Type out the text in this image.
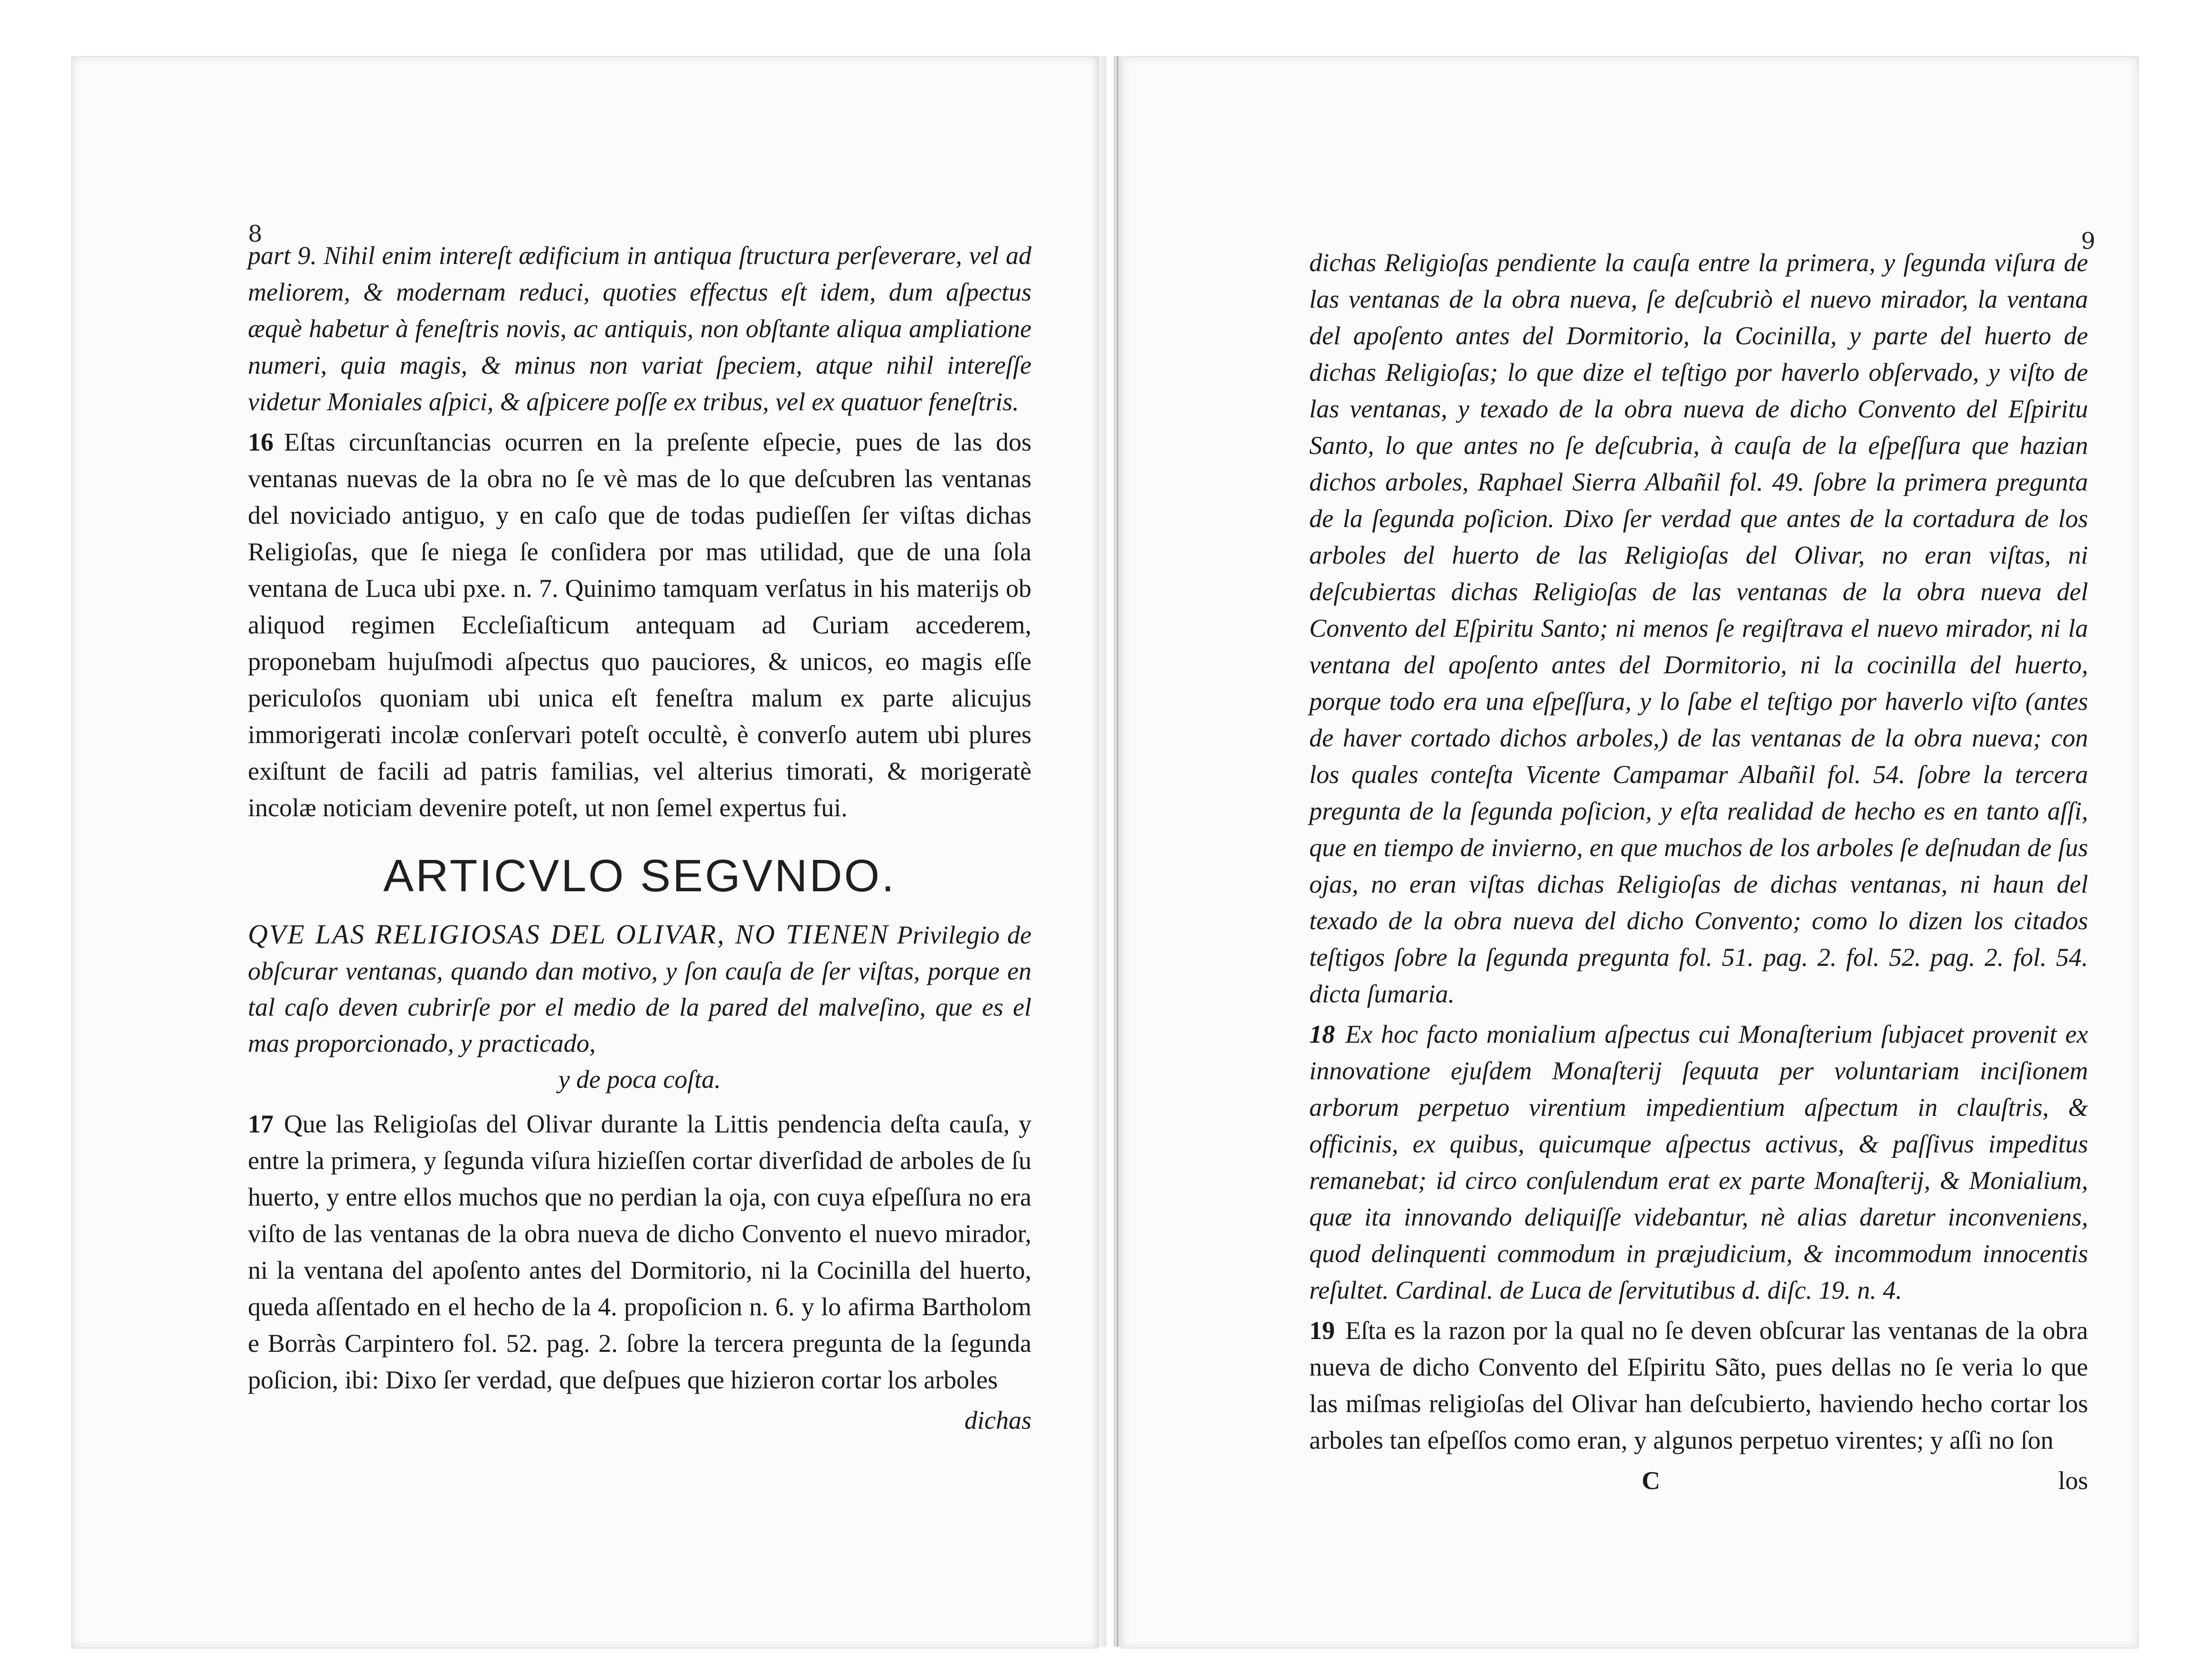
8

part 9. Nihil enim intereſt ædificium in antiqua ſtructura perſeverare, vel ad meliorem, & modernam reduci, quoties effectus eſt idem, dum aſpectus æquè habetur à feneſtris novis, ac antiquis, non obſtante aliqua ampliatione numeri, quia magis, & minus non variat ſpeciem, atque nihil intereſſe videtur Moniales aſpici, & aſpicere poſſe ex tribus, vel ex quatuor feneſtris.

16 Eſtas circunſtancias ocurren en la preſente eſpecie, pues de las dos ventanas nuevas de la obra no ſe vè mas de lo que deſcubren las ventanas del noviciado antiguo, y en caſo que de todas pudieſſen ſer viſtas dichas Religioſas, que ſe niega ſe conſidera por mas utilidad, que de una ſola ventana de Luca ubi pxe. n. 7. Quinimo tamquam verſatus in his materijs ob aliquod regimen Eccleſiaſticum antequam ad Curiam accederem, proponebam hujuſmodi aſpectus quo pauciores, & unicos, eo magis eſſe periculoſos quoniam ubi unica eſt feneſtra malum ex parte alicujus immorigerati incolæ conſervari poteſt occultè, è converſo autem ubi plures exiſtunt de facili ad patris familias, vel alterius timorati, & morigeratè incolæ noticiam devenire poteſt, ut non ſemel expertus fui.

ARTICVLO SEGVNDO.

QVE LAS RELIGIOSAS DEL OLIVAR, NO TIENEN Privilegio de obſcurar ventanas, quando dan motivo, y ſon cauſa de ſer viſtas, porque en tal caſo deven cubrirſe por el medio de la pared del malveſino, que es el mas proporcionado, y practicado,

y de poca coſta.

17 Que las Religioſas del Olivar durante la Littis pendencia deſta cauſa, y entre la primera, y ſegunda viſura hizieſſen cortar diverſidad de arboles de ſu huerto, y entre ellos muchos que no perdian la oja, con cuya eſpeſſura no era viſto de las ventanas de la obra nueva de dicho Convento el nuevo mirador, ni la ventana del apoſento antes del Dormitorio, ni la Cocinilla del huerto, queda aſſentado en el hecho de la 4. propoſicion n. 6. y lo afirma Bartholom e Borràs Carpintero fol. 52. pag. 2. ſobre la tercera pregunta de la ſegunda poſicion, ibi: Dixo ſer verdad, que deſpues que hizieron cortar los arboles

dichas

9

dichas Religioſas pendiente la cauſa entre la primera, y ſegunda viſura de las ventanas de la obra nueva, ſe deſcubriò el nuevo mirador, la ventana del apoſento antes del Dormitorio, la Cocinilla, y parte del huerto de dichas Religioſas; lo que dize el teſtigo por haverlo obſervado, y viſto de las ventanas, y texado de la obra nueva de dicho Convento del Eſpiritu Santo, lo que antes no ſe deſcubria, à cauſa de la eſpeſſura que hazian dichos arboles, Raphael Sierra Albañil fol. 49. ſobre la primera pregunta de la ſegunda poſicion. Dixo ſer verdad que antes de la cortadura de los arboles del huerto de las Religioſas del Olivar, no eran viſtas, ni deſcubiertas dichas Religioſas de las ventanas de la obra nueva del Convento del Eſpiritu Santo; ni menos ſe regiſtrava el nuevo mirador, ni la ventana del apoſento antes del Dormitorio, ni la cocinilla del huerto, porque todo era una eſpeſſura, y lo ſabe el teſtigo por haverlo viſto (antes de haver cortado dichos arboles,) de las ventanas de la obra nueva; con los quales conteſta Vicente Campamar Albañil fol. 54. ſobre la tercera pregunta de la ſegunda poſicion, y eſta realidad de hecho es en tanto aſſi, que en tiempo de invierno, en que muchos de los arboles ſe deſnudan de ſus ojas, no eran viſtas dichas Religioſas de dichas ventanas, ni haun del texado de la obra nueva del dicho Convento; como lo dizen los citados teſtigos ſobre la ſegunda pregunta fol. 51. pag. 2. fol. 52. pag. 2. fol. 54. dicta ſumaria.

18 Ex hoc facto monialium aſpectus cui Monaſterium ſubjacet provenit ex innovatione ejuſdem Monaſterij ſequuta per voluntariam inciſionem arborum perpetuo virentium impedientium aſpectum in clauſtris, & officinis, ex quibus, quicumque aſpectus activus, & paſſivus impeditus remanebat; id circo conſulendum erat ex parte Monaſterij, & Monialium, quæ ita innovando deliquiſſe videbantur, nè alias daretur inconveniens, quod delinquenti commodum in præjudicium, & incommodum innocentis reſultet. Cardinal. de Luca de ſervitutibus d. diſc. 19. n. 4.

19 Eſta es la razon por la qual no ſe deven obſcurar las ventanas de la obra nueva de dicho Convento del Eſpiritu Sãto, pues dellas no ſe veria lo que las miſmas religioſas del Olivar han deſcubierto, haviendo hecho cortar los arboles tan eſpeſſos como eran, y algunos perpetuo virentes; y aſſi no ſon

C	los
